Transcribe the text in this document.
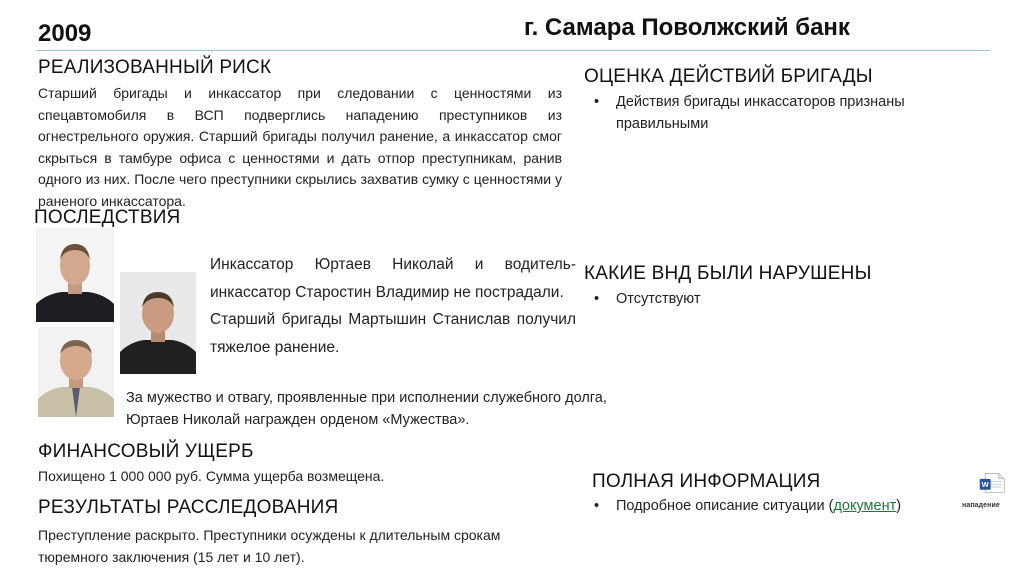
2009	г. Самара Поволжский банк
РЕАЛИЗОВАННЫЙ РИСК
Старший бригады и инкассатор при следовании с ценностями из спецавтомобиля в ВСП подверглись нападению преступников из огнестрельного оружия. Старший бригады получил ранение, а инкассатор смог скрыться в тамбуре офиса с ценностями и дать отпор преступникам, ранив одного из них. После чего преступники скрылись захватив сумку с ценностями у раненого инкассатора.
ПОСЛЕДСТВИЯ
Инкассатор Юртаев Николай и водитель-инкассатор Старостин Владимир не пострадали.
Старший бригады Мартышин Станислав получил тяжелое ранение.
За мужество и отвагу, проявленные при исполнении служебного долга, Юртаев Николай награжден орденом «Мужества».
ФИНАНСОВЫЙ УЩЕРБ
Похищено 1 000 000 руб. Сумма ущерба возмещена.
РЕЗУЛЬТАТЫ РАССЛЕДОВАНИЯ
Преступление раскрыто. Преступники осуждены к длительным срокам тюремного заключения (15 лет и 10 лет).
ОЦЕНКА ДЕЙСТВИЙ БРИГАДЫ
• Действия бригады инкассаторов признаны правильными
КАКИЕ ВНД БЫЛИ НАРУШЕНЫ
• Отсутствуют
ПОЛНАЯ ИНФОРМАЦИЯ
• Подробное описание ситуации (документ)
W
нападение
